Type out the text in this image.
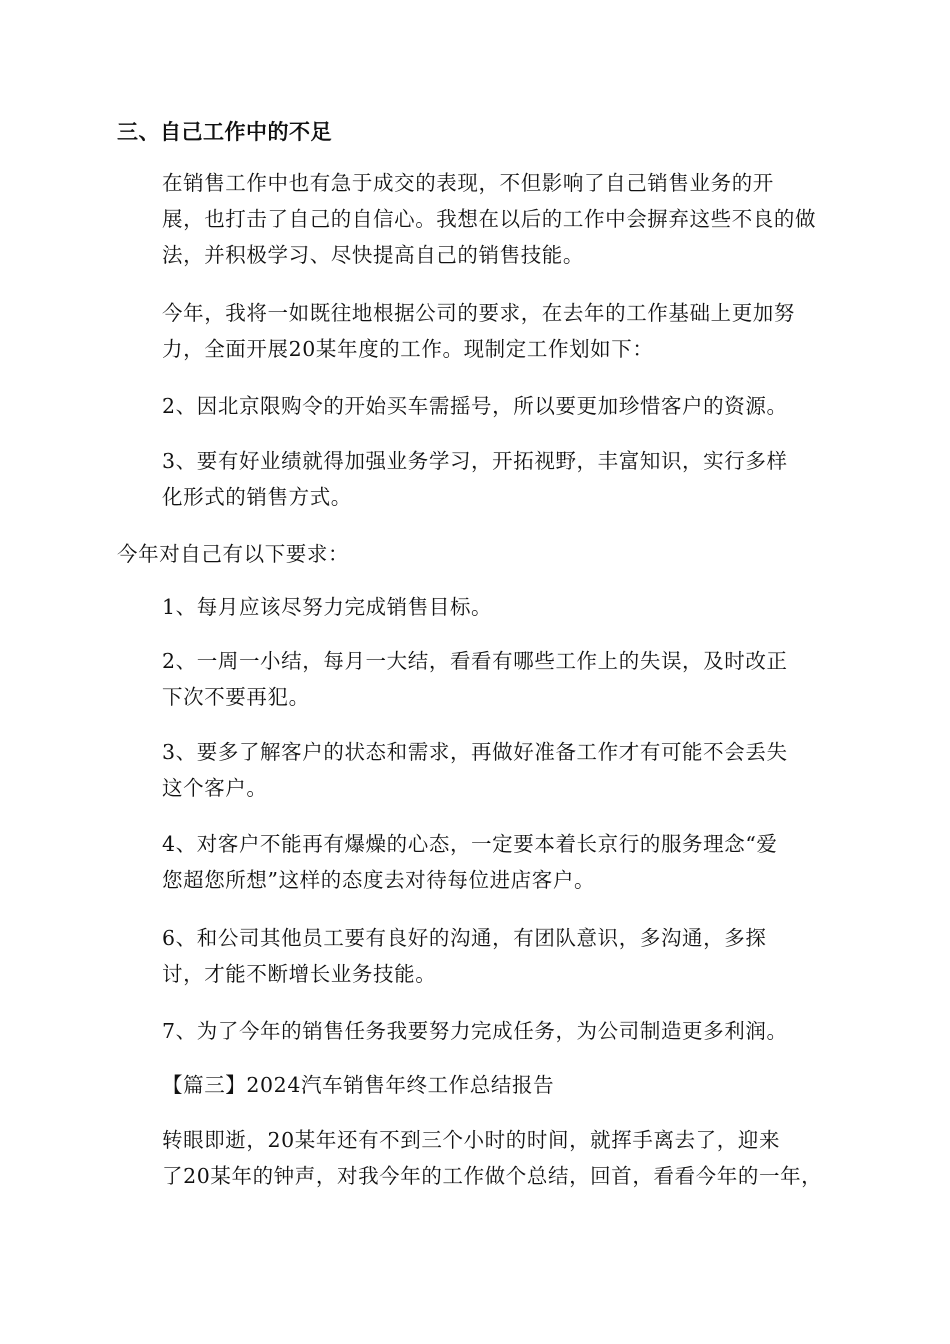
三、自己工作中的不足
在销售工作中也有急于成交的表现，不但影响了自己销售业务的开
展，也打击了自己的自信心。我想在以后的工作中会摒弃这些不良的做
法，并积极学习、尽快提高自己的销售技能。
今年，我将一如既往地根据公司的要求，在去年的工作基础上更加努
力，全面开展20某年度的工作。现制定工作划如下：
2、因北京限购令的开始买车需摇号，所以要更加珍惜客户的资源。
3、要有好业绩就得加强业务学习，开拓视野，丰富知识，实行多样
化形式的销售方式。
今年对自己有以下要求：
1、每月应该尽努力完成销售目标。
2、一周一小结，每月一大结，看看有哪些工作上的失误，及时改正
下次不要再犯。
3、要多了解客户的状态和需求，再做好准备工作才有可能不会丢失
这个客户。
4、对客户不能再有爆燥的心态，一定要本着长京行的服务理念“爱
您超您所想”这样的态度去对待每位进店客户。
6、和公司其他员工要有良好的沟通，有团队意识，多沟通，多探
讨，才能不断增长业务技能。
7、为了今年的销售任务我要努力完成任务，为公司制造更多利润。
【篇三】2024汽车销售年终工作总结报告
转眼即逝，20某年还有不到三个小时的时间，就挥手离去了，迎来
了20某年的钟声，对我今年的工作做个总结，回首，看看今年的一年，
